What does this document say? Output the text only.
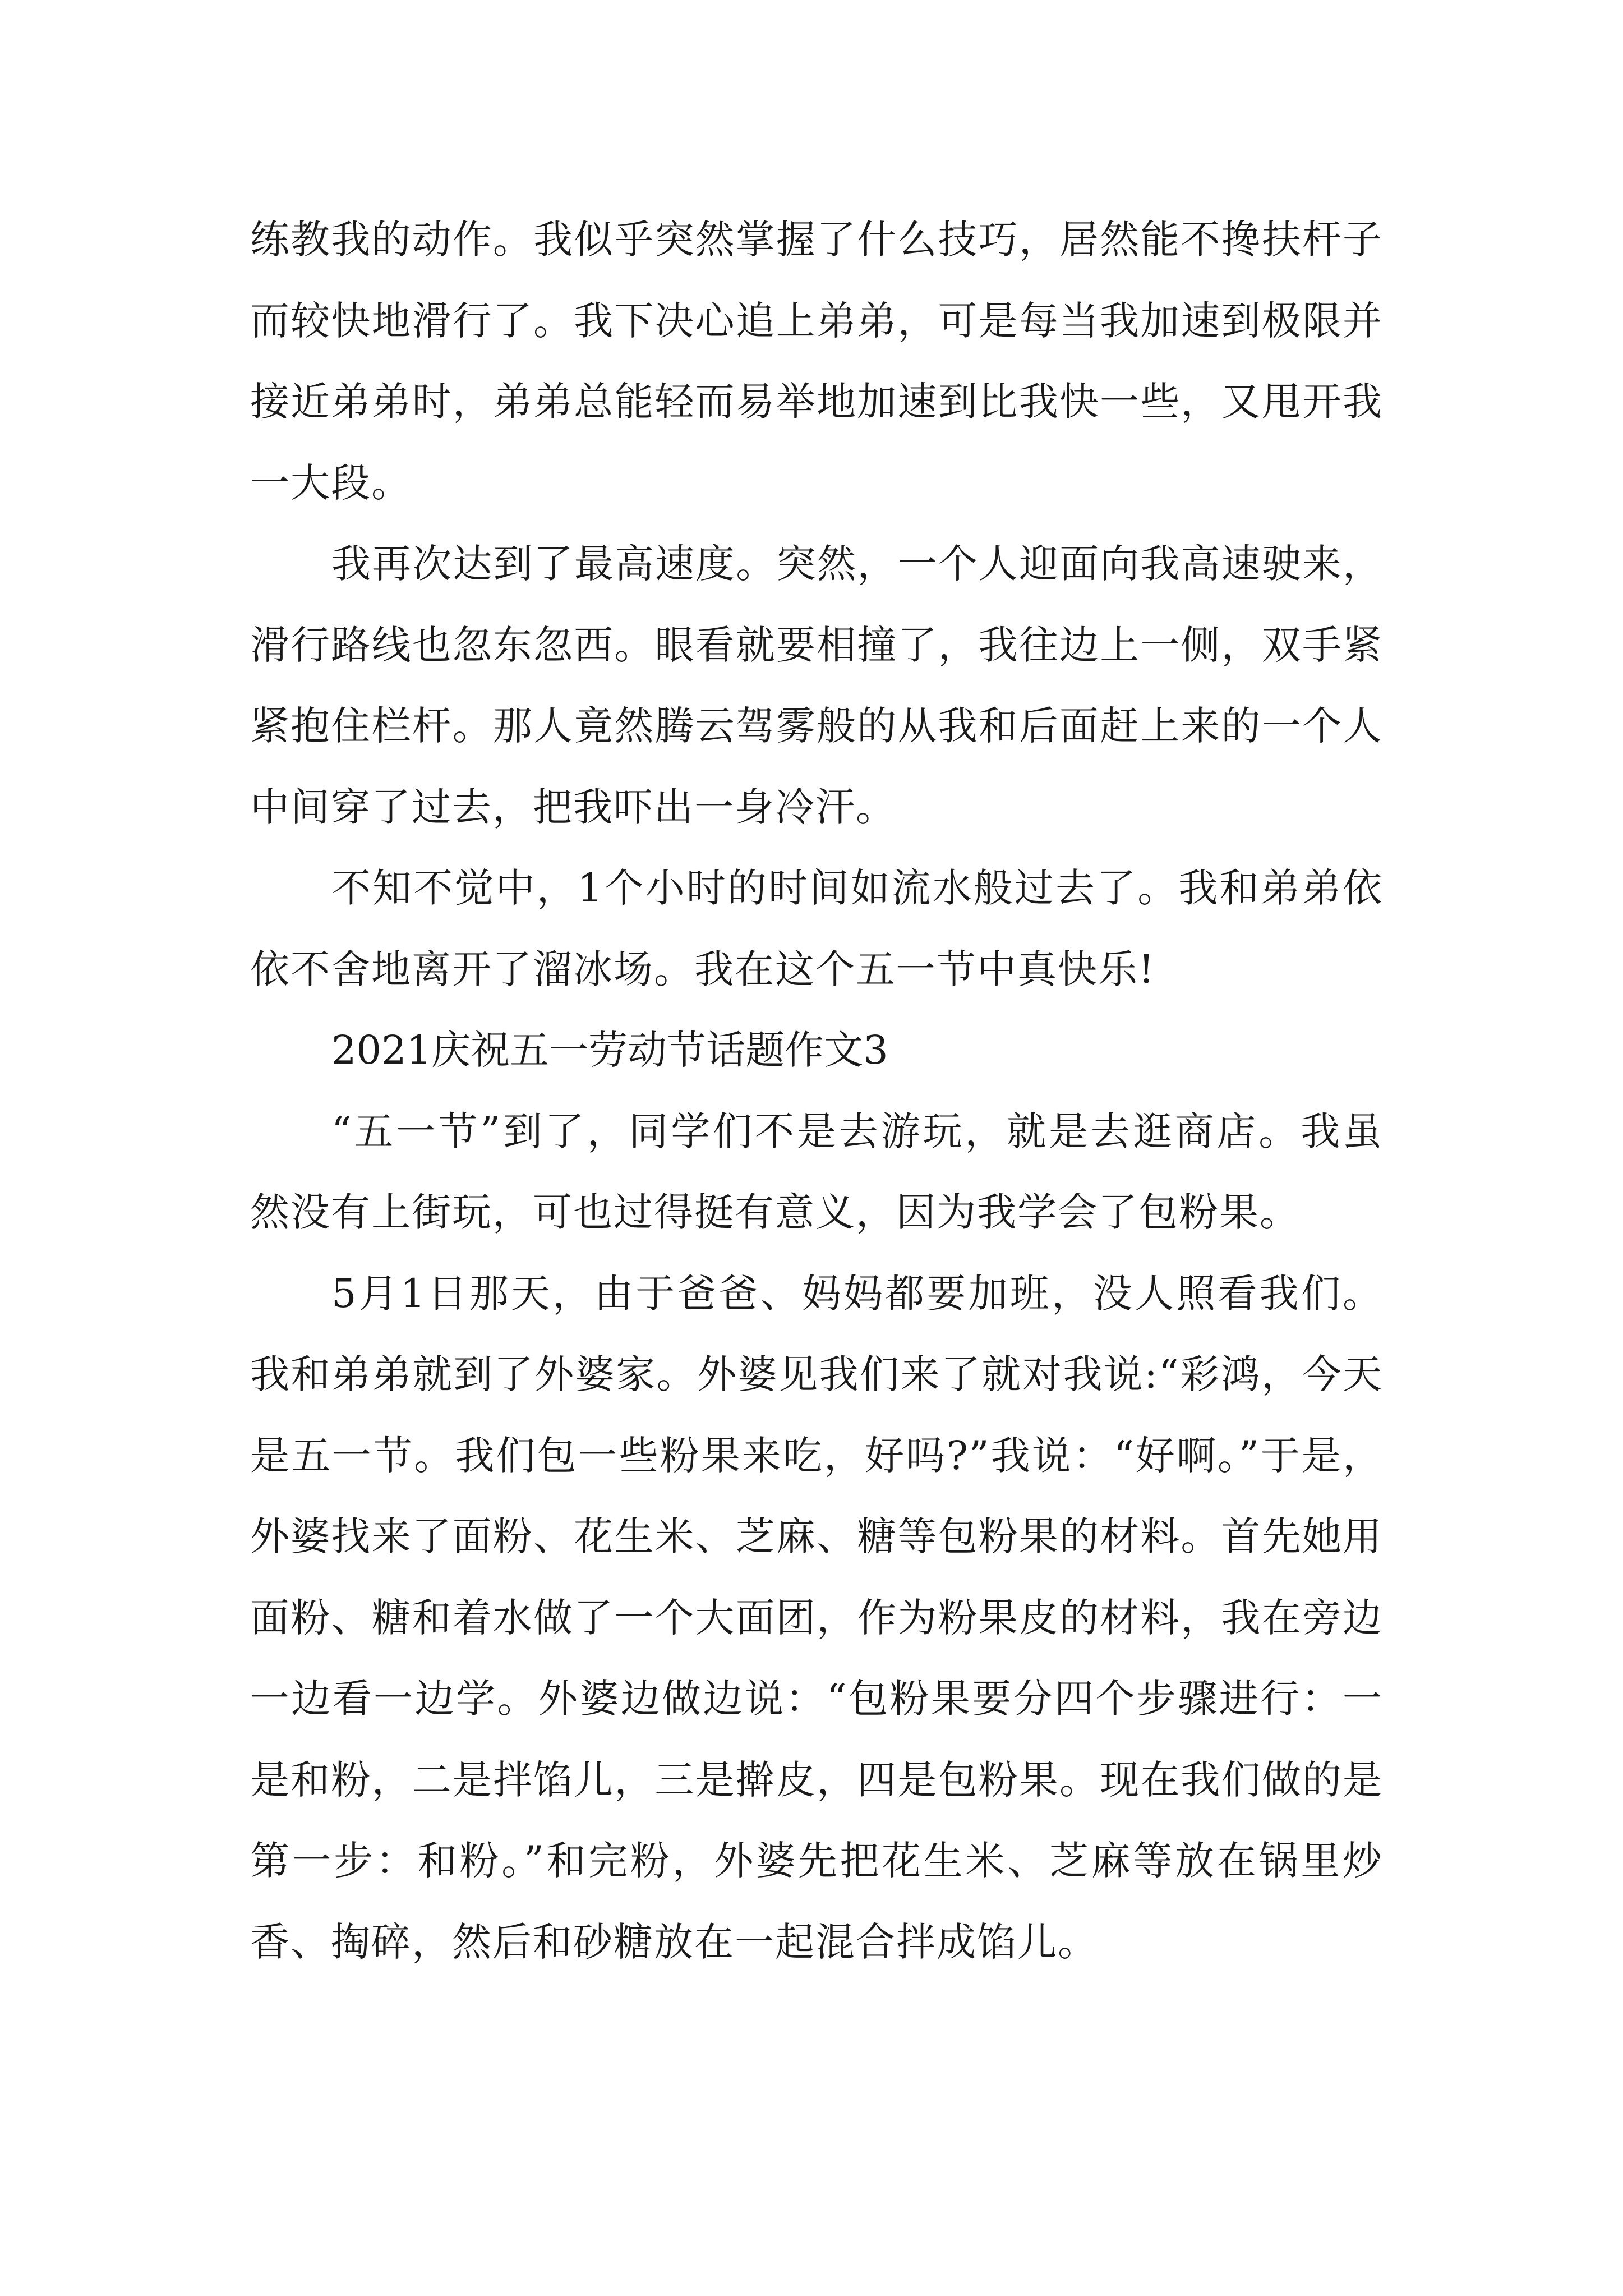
练教我的动作。我似乎突然掌握了什么技巧，居然能不搀扶杆子而较快地滑行了。我下决心追上弟弟，可是每当我加速到极限并接近弟弟时，弟弟总能轻而易举地加速到比我快一些，又甩开我一大段。

我再次达到了最高速度。突然，一个人迎面向我高速驶来，滑行路线也忽东忽西。眼看就要相撞了，我往边上一侧，双手紧紧抱住栏杆。那人竟然腾云驾雾般的从我和后面赶上来的一个人中间穿了过去，把我吓出一身冷汗。

不知不觉中，1个小时的时间如流水般过去了。我和弟弟依依不舍地离开了溜冰场。我在这个五一节中真快乐!

2021庆祝五一劳动节话题作文3

“五一节”到了，同学们不是去游玩，就是去逛商店。我虽然没有上街玩，可也过得挺有意义，因为我学会了包粉果。

5月1日那天，由于爸爸、妈妈都要加班，没人照看我们。我和弟弟就到了外婆家。外婆见我们来了就对我说:“彩鸿，今天是五一节。我们包一些粉果来吃，好吗?”我说：“好啊。”于是，外婆找来了面粉、花生米、芝麻、糖等包粉果的材料。首先她用面粉、糖和着水做了一个大面团，作为粉果皮的材料，我在旁边一边看一边学。外婆边做边说：“包粉果要分四个步骤进行：一是和粉，二是拌馅儿，三是擀皮，四是包粉果。现在我们做的是第一步：和粉。”和完粉，外婆先把花生米、芝麻等放在锅里炒香、掏碎，然后和砂糖放在一起混合拌成馅儿。
